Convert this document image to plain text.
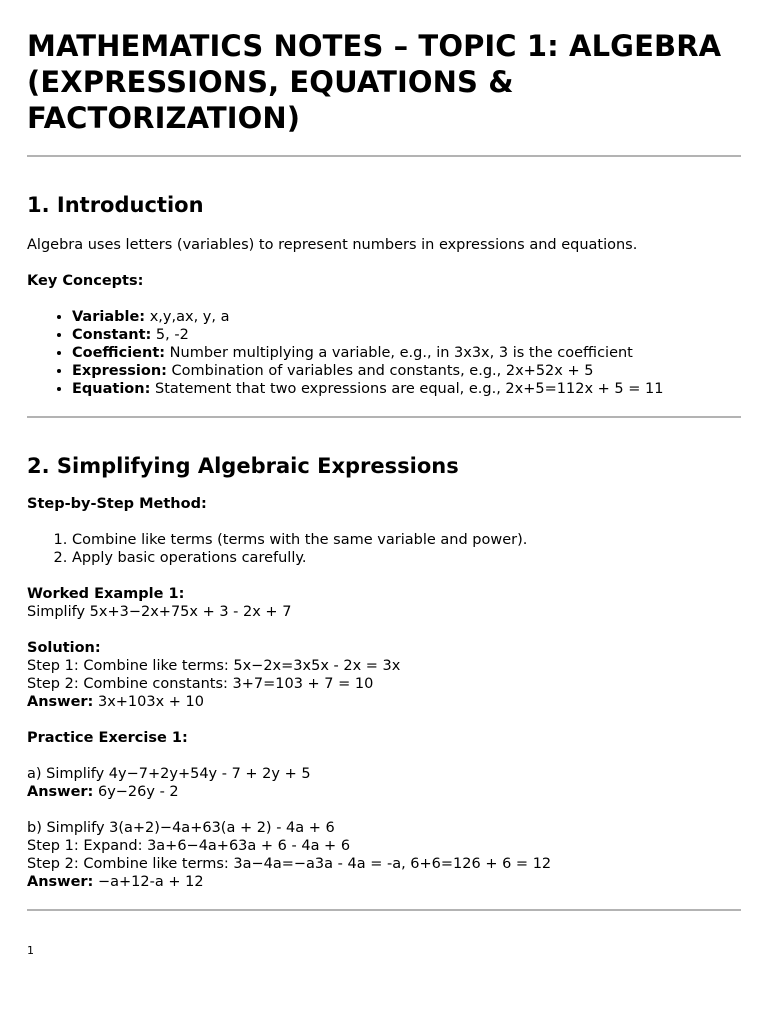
MATHEMATICS NOTES – TOPIC 1: ALGEBRA (EXPRESSIONS, EQUATIONS & FACTORIZATION)
1. Introduction

Algebra uses letters (variables) to represent numbers in expressions and equations.

Key Concepts:

• Variable: x,y,ax, y, a
• Constant: 5, -2
• Coefficient: Number multiplying a variable, e.g., in 3x3x, 3 is the coefficient
• Expression: Combination of variables and constants, e.g., 2x+52x + 5
• Equation: Statement that two expressions are equal, e.g., 2x+5=112x + 5 = 11
2. Simplifying Algebraic Expressions

Step-by-Step Method:

1. Combine like terms (terms with the same variable and power).
2. Apply basic operations carefully.

Worked Example 1:

Simplify 5x+3−2x+75x + 3 - 2x + 7

Solution:

Step 1: Combine like terms: 5x−2x=3x5x - 2x = 3x

Step 2: Combine constants: 3+7=103 + 7 = 10

Answer: 3x+103x + 10

Practice Exercise 1:

a) Simplify 4y−7+2y+54y - 7 + 2y + 5

Answer: 6y−26y - 2

b) Simplify 3(a+2)−4a+63(a + 2) - 4a + 6

Step 1: Expand: 3a+6−4a+63a + 6 - 4a + 6

Step 2: Combine like terms: 3a−4a=−a3a - 4a = -a, 6+6=126 + 6 = 12

Answer: −a+12-a + 12

1
